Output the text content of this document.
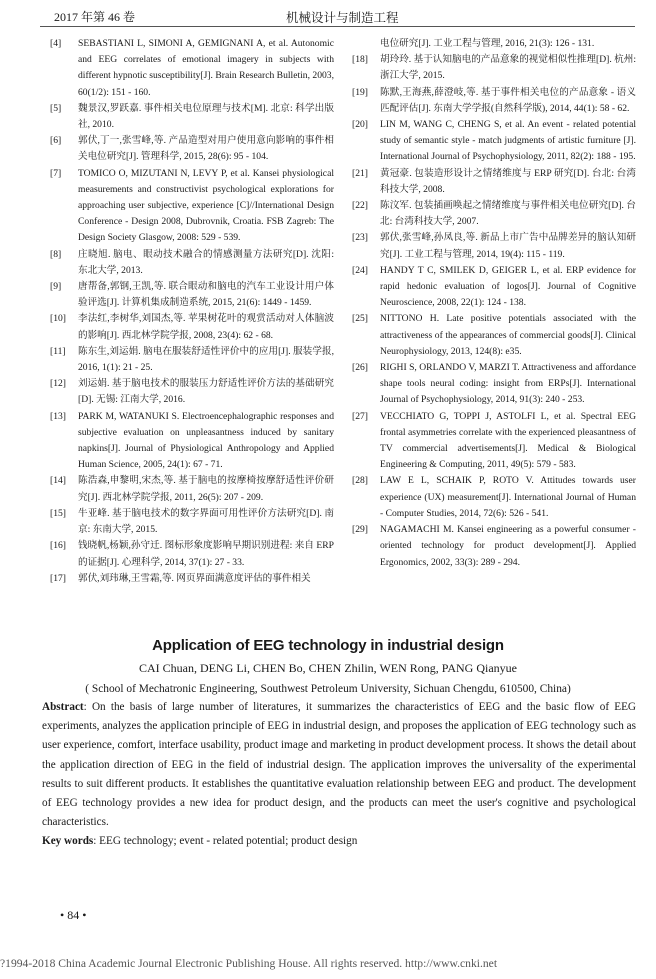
2017 年第 46 卷	机械设计与制造工程
[4] SEBASTIANI L, SIMONI A, GEMIGNANI A, et al. Autonomic and EEG correlates of emotional imagery in subjects with different hypnotic susceptibility[J]. Brain Research Bulletin, 2003, 60(1/2): 151 - 160.
[5] 魏景汉,罗跃嘉. 事件相关电位原理与技术[M]. 北京: 科学出版社, 2010.
[6] 郭伏,丁一,张雪峰,等. 产品造型对用户使用意向影响的事件相关电位研究[J]. 管理科学, 2015, 28(6): 95 - 104.
[7] TOMICO O, MIZUTANI N, LEVY P, et al. Kansei physiological measurements and constructivist psychological explorations for approaching user subjective, experience [C]//International Design Conference - Design 2008, Dubrovnik, Croatia. FSB Zagreb: The Design Society Glasgow, 2008: 529 - 539.
[8] 庄晓旭. 脑电、眼动技术融合的情感测量方法研究[D]. 沈阳: 东北大学, 2013.
[9] 唐帮备,郭钢,王凯,等. 联合眼动和脑电的汽车工业设计用户体验评选[J]. 计算机集成制造系统, 2015, 21(6): 1449 - 1459.
[10] 李法红,李树华,刘国杰,等. 苹果树花叶的观赏活动对人体脑波的影响[J]. 西北林学院学报, 2008, 23(4): 62 - 68.
[11] 陈东生,刘运娟. 脑电在服装舒适性评价中的应用[J]. 服装学报, 2016, 1(1): 21 - 25.
[12] 刘运娟. 基于脑电技术的服装压力舒适性评价方法的基础研究[D]. 无锡: 江南大学, 2016.
[13] PARK M, WATANUKI S. Electroencephalographic responses and subjective evaluation on unpleasantness induced by sanitary napkins[J]. Journal of Physiological Anthropology and Applied Human Science, 2005, 24(1): 67 - 71.
[14] 陈浩森,申黎明,宋杰,等. 基于脑电的按摩椅按摩舒适性评价研究[J]. 西北林学院学报, 2011, 26(5): 207 - 209.
[15] 牛亚峰. 基于脑电技术的数字界面可用性评价方法研究[D]. 南京: 东南大学, 2015.
[16] 钱晓帆,杨颖,孙守迁. 图标形象度影响早期识别进程: 来自 ERP 的证据[J]. 心理科学, 2014, 37(1): 27 - 33.
[17] 郭伏,刘玮琳,王雪霜,等. 网页界面满意度评估的事件相关
电位研究[J]. 工业工程与管理, 2016, 21(3): 126 - 131.
[18] 胡玲玲. 基于认知脑电的产品意象的视觉相似性推理[D]. 杭州: 浙江大学, 2015.
[19] 陈默,王海燕,薛澄岐,等. 基于事件相关电位的产品意象 - 语义匹配评估[J]. 东南大学学报(自然科学版), 2014, 44(1): 58 - 62.
[20] LIN M, WANG C, CHENG S, et al. An event - related potential study of semantic style - match judgments of artistic furniture [J]. International Journal of Psychophysiology, 2011, 82(2): 188 - 195.
[21] 黄冠豪. 包装造形设计之情绪维度与 ERP 研究[D]. 台北: 台湾科技大学, 2008.
[22] 陈汶军. 包装插画唤起之情绪维度与事件相关电位研究[D]. 台北: 台湾科技大学, 2007.
[23] 郭伏,张雪峰,孙凤良,等. 新品上市广告中品牌差异的脑认知研究[J]. 工业工程与管理, 2014, 19(4): 115 - 119.
[24] HANDY T C, SMILEK D, GEIGER L, et al. ERP evidence for rapid hedonic evaluation of logos[J]. Journal of Cognitive Neuroscience, 2008, 22(1): 124 - 138.
[25] NITTONO H. Late positive potentials associated with the attractiveness of the appearances of commercial goods[J]. Clinical Neurophysiology, 2013, 124(8): e35.
[26] RIGHI S, ORLANDO V, MARZI T. Attractiveness and affordance shape tools neural coding: insight from ERPs[J]. International Journal of Psychophysiology, 2014, 91(3): 240 - 253.
[27] VECCHIATO G, TOPPI J, ASTOLFI L, et al. Spectral EEG frontal asymmetries correlate with the experienced pleasantness of TV commercial advertisements[J]. Medical & Biological Engineering & Computing, 2011, 49(5): 579 - 583.
[28] LAW E L, SCHAIK P, ROTO V. Attitudes towards user experience (UX) measurement[J]. International Journal of Human - Computer Studies, 2014, 72(6): 526 - 541.
[29] NAGAMACHI M. Kansei engineering as a powerful consumer - oriented technology for product development[J]. Applied Ergonomics, 2002, 33(3): 289 - 294.
Application of EEG technology in industrial design
CAI Chuan, DENG Li, CHEN Bo, CHEN Zhilin, WEN Rong, PANG Qianyue
( School of Mechatronic Engineering, Southwest Petroleum University, Sichuan Chengdu, 610500, China)
Abstract: On the basis of large number of literatures, it summarizes the characteristics of EEG and the basic flow of EEG experiments, analyzes the application principle of EEG in industrial design, and proposes the application of EEG technology such as user experience, comfort, interface usability, product image and marketing in product development process. It shows the detail about the application direction of EEG in the field of industrial design. The application improves the universality of the experimental results to suit different products. It establishes the quantitative evaluation relationship between EEG and product. The development of EEG technology provides a new idea for product design, and the products can meet the user's cognitive and psychological characteristics.
Key words: EEG technology; event - related potential; product design
• 84 •
?1994-2018 China Academic Journal Electronic Publishing House. All rights reserved. http://www.cnki.net
